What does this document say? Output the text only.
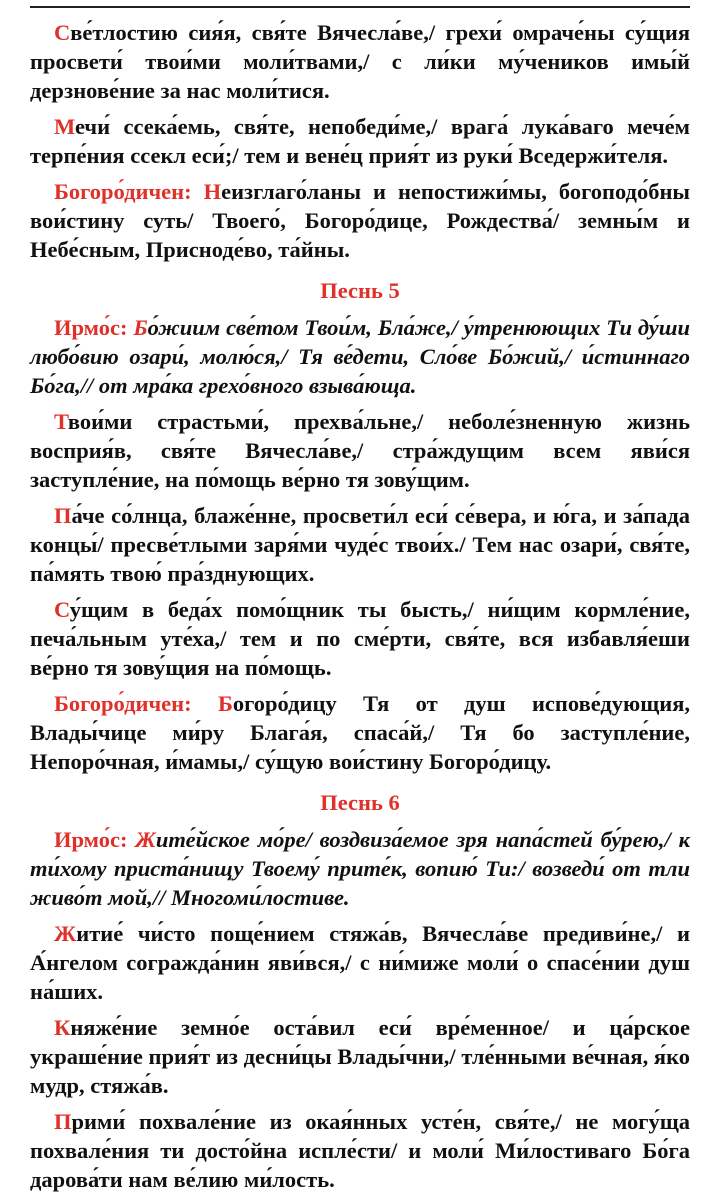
Све́тлостию сия́я, свя́те Вячесла́ве,/ грехи́ омраче́ны су́щия просвети́ твои́ми моли́твами,/ с ли́ки му́чеников имы́й дерзнове́ние за нас моли́тися.

Мечи́ ссека́емь, свя́те, непобеди́ме,/ врага́ лука́ваго мече́м терпе́ния ссекл еси́;/ тем и вене́ц прия́т из руки́ Вседержи́теля.

Богоро́дичен: Неизглаго́ланы и непостижи́мы, богоподо́бны вои́стину суть/ Твоего́, Богоро́дице, Рождества́/ земны́м и Небе́сным, Присноде́во, та́йны.

Песнь 5

Ирмо́с: Бо́жиим све́том Твои́м, Бла́же,/ у́тренюющих Ти ду́ши любо́вию озари́, молю́ся,/ Тя ве́дети, Сло́ве Бо́жий,/ и́стиннаго Бо́га,// от мра́ка грехо́вного взыва́юща.

Твои́ми страстьми́, прехва́льне,/ неболе́зненную жизнь восприя́в, свя́те Вячесла́ве,/ стра́ждущим всем яви́ся заступле́ние, на по́мощь ве́рно тя зову́щим.

Па́че со́лнца, блаже́нне, просвети́л еси́ се́вера, и ю́га, и за́пада концы́/ пресве́тлыми заря́ми чуде́с твои́х./ Тем нас озари́, свя́те, па́мять твою́ пра́зднующих.

Су́щим в беда́х помо́щник ты бысть,/ ни́щим кормле́ние, печа́льным уте́ха,/ тем и по сме́рти, свя́те, вся избавля́еши ве́рно тя зову́щия на по́мощь.

Богоро́дичен: Богоро́дицу Тя от душ испове́дующия, Влады́чице ми́ру Блага́я, спаса́й,/ Тя бо заступле́ние, Непоро́чная, и́мамы,/ су́щую вои́стину Богоро́дицу.

Песнь 6

Ирмо́с: Жите́йское мо́ре/ воздвиза́емое зря напа́стей бу́рею,/ к ти́хому приста́нищу Твоему́ прите́к, вопию́ Ти:/ возведи́ от тли живо́т мой,// Многоми́лостиве.

Житие́ чи́сто поще́нием стяжа́в, Вячесла́ве предиви́не,/ и А́нгелом согражда́нин яви́вся,/ с ни́миже моли́ о спасе́нии душ на́ших.

Княже́ние земно́е оста́вил еси́ вре́менное/ и ца́рское украше́ние прия́т из десни́цы Влады́чни,/ тле́нными ве́чная, я́ко мудр, стяжа́в.

Прими́ похвале́ние из окая́нных усте́н, свя́те,/ не могу́ща похвале́ния ти досто́йна испле́сти/ и моли́ Ми́лостиваго Бо́га дарова́ти нам ве́лию ми́лость.
